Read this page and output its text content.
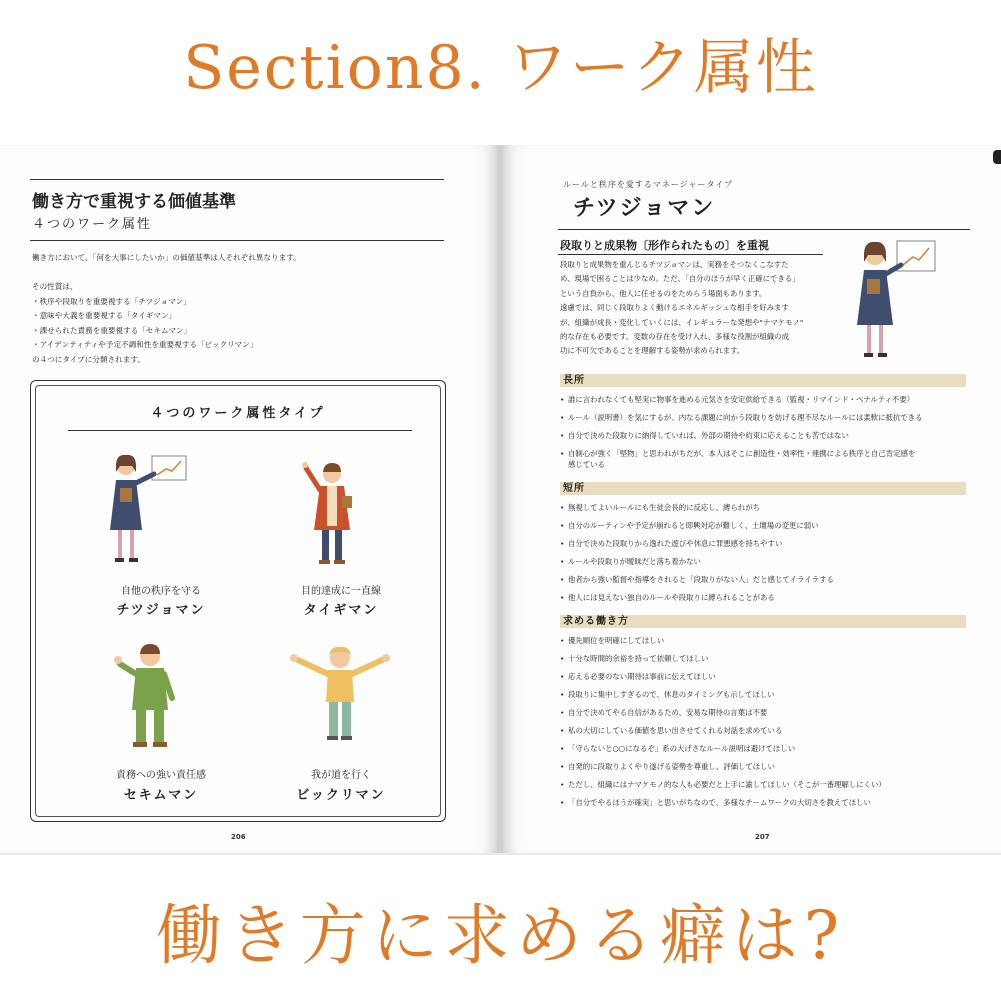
Section8. ワーク属性
働き方で重視する価値基準
４つのワーク属性
働き方において、「何を大事にしたいか」の価値基準は人それぞれ異なります。

その性質は、
・秩序や段取りを重要視する「チツジョマン」
・意味や大義を重要視する「タイギマン」
・課せられた責務を重要視する「セキムマン」
・アイデンティティや予定不調和性を重要視する「ビックリマン」
の４つにタイプに分類されます。
４つのワーク属性タイプ
自他の秩序を守る
チツジョマン
目的達成に一直線
タイギマン
責務への強い責任感
セキムマン
我が道を行く
ビックリマン
206
ルールと秩序を愛するマネージャータイプ
チツジョマン
段取りと成果物〔形作られたもの〕を重視
段取りと成果物を重んじるチツジョマンは、実務をそつなくこなすた
め、現場で困ることは少なめ。ただ、「自分のほうが早く正確にできる」
という自負から、他人に任せるのをためらう場面もあります。
遠慮では、同じく段取りよく動けるエネルギッシュな相手を好みます
が、組織が成長・変化していくには、イレギュラーな発想や"ナマケモノ"
的な存在も必要です。変数の存在を受け入れ、多様な役割が組織の成
功に不可欠であることを理解する姿勢が求められます。
長所
• 誰に言われなくても堅実に物事を進める元気さを安定供給できる（監視・リマインド・ペナルティ不要）
• ルール（説明書）を気にするが、内なる課題に向かう段取りを妨げる理不尽なルールには柔軟に抵抗できる
• 自分で決めた段取りに納得していれば、外部の期待や約束に応えることも苦ではない
• 自制心が強く「堅物」と思われがちだが、本人はそこに創造性・効率性・連携による秩序と自己肯定感を
感じている
短所
• 無視してよいルールにも生徒会長的に反応し、縛られがち
• 自分のルーティンや予定が崩れると即興対応が難しく、土壇場の変更に弱い
• 自分で決めた段取りから逸れた遊びや休息に罪悪感を持ちやすい
• ルールや段取りが曖昧だと落ち着かない
• 他者から強い監督や指導をされると「段取りがない人」だと感じてイライラする
• 他人には見えない独自のルールや段取りに縛られることがある
求める働き方
• 優先順位を明確にしてほしい
• 十分な時間的余裕を持って依頼してほしい
• 応える必要のない期待は事前に伝えてほしい
• 段取りに集中しすぎるので、休息のタイミングも示してほしい
• 自分で決めてやる自信があるため、安易な期待の言葉は不要
• 私の大切にしている価値を思い出させてくれる対話を求めている
• 「守らないと○○になるぞ」系の大げさなルール説明は避けてほしい
• 自発的に段取りよくやり遂げる姿勢を尊重し、評価してほしい
• ただし、組織にはナマケモノ的な人も必要だと上手に諭してほしい（そこが一番理解しにくい）
• 「自分でやるほうが確実」と思いがちなので、多様なチームワークの大切さを教えてほしい
207
働き方に求める癖は?
